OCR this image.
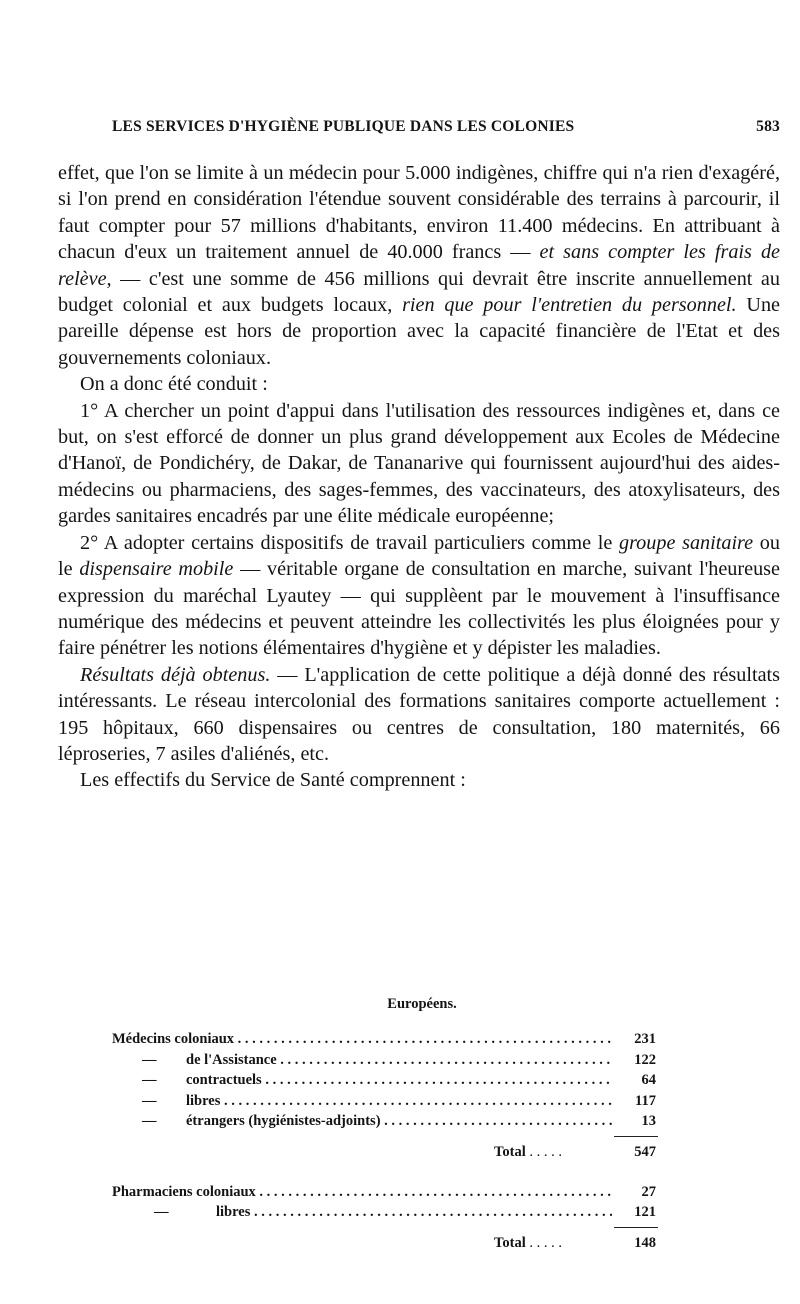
LES SERVICES D'HYGIÈNE PUBLIQUE DANS LES COLONIES	583

effet, que l'on se limite à un médecin pour 5.000 indigènes, chiffre qui n'a rien d'exagéré, si l'on prend en considération l'étendue souvent considérable des terrains à parcourir, il faut compter pour 57 millions d'habitants, environ 11.400 médecins. En attribuant à chacun d'eux un traitement annuel de 40.000 francs — et sans compter les frais de relève, — c'est une somme de 456 millions qui devrait être inscrite annuellement au budget colonial et aux budgets locaux, rien que pour l'entretien du personnel. Une pareille dépense est hors de proportion avec la capacité financière de l'Etat et des gouvernements coloniaux.

On a donc été conduit :

1° A chercher un point d'appui dans l'utilisation des ressources indigènes et, dans ce but, on s'est efforcé de donner un plus grand développement aux Ecoles de Médecine d'Hanoï, de Pondichéry, de Dakar, de Tananarive qui fournissent aujourd'hui des aides-médecins ou pharmaciens, des sages-femmes, des vaccinateurs, des atoxylisateurs, des gardes sanitaires encadrés par une élite médicale européenne;

2° A adopter certains dispositifs de travail particuliers comme le groupe sanitaire ou le dispensaire mobile — véritable organe de consultation en marche, suivant l'heureuse expression du maréchal Lyautey — qui supplèent par le mouvement à l'insuffisance numérique des médecins et peuvent atteindre les collectivités les plus éloignées pour y faire pénétrer les notions élémentaires d'hygiène et y dépister les maladies.

Résultats déjà obtenus. — L'application de cette politique a déjà donné des résultats intéressants. Le réseau intercolonial des formations sanitaires comporte actuellement : 195 hôpitaux, 660 dispensaires ou centres de consultation, 180 maternités, 66 léproseries, 7 asiles d'aliénés, etc.

Les effectifs du Service de Santé comprennent :

Européens.
Médecins coloniaux . . .	231
— de l'Assistance . . .	122
— contractuels . . .	64
— libres . . .	117
— étrangers (hygiénistes-adjoints) . . .	13
Total . . .	547
Pharmaciens coloniaux . . .	27
—	libres . . .	121
Total . . .	148
